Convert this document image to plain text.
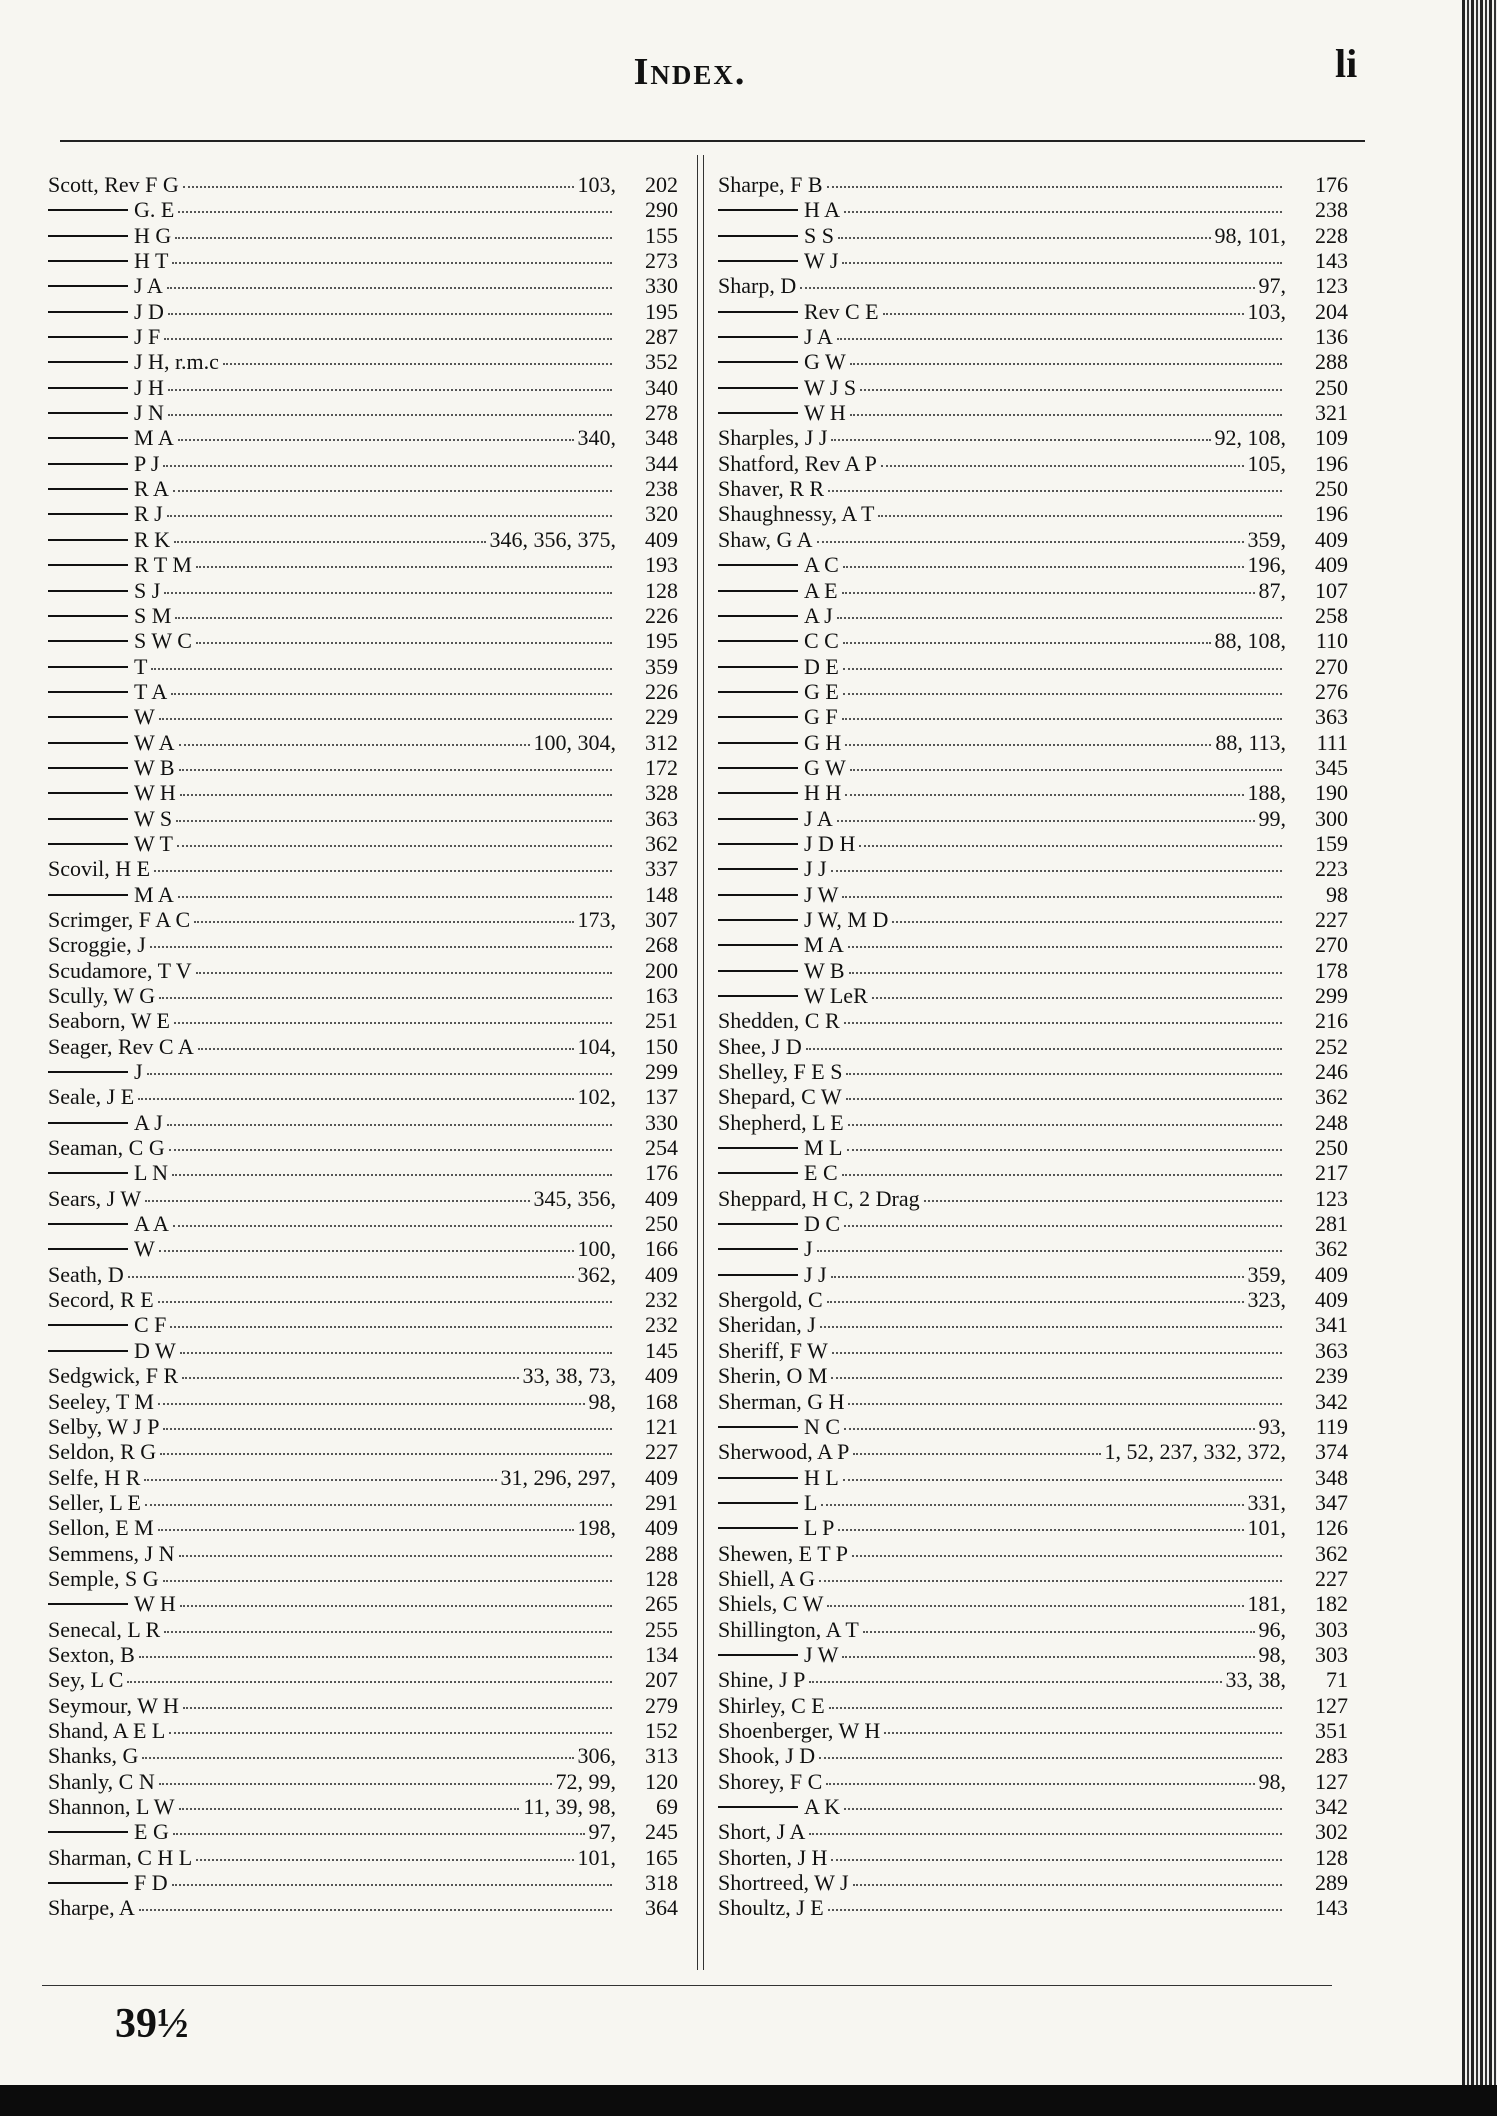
Index.	li
Scott, Rev F G	103,	202
G. E	290
H G	155
H T	273
J A	330
J D	195
J F	287
J H, r.m.c	352
J H	340
J N	278
M A	340,	348
P J	344
R A	238
R J	320
R K	346, 356, 375,	409
R T M	193
S J	128
S M	226
S W C	195
T	359
T A	226
W	229
W A	100, 304,	312
W B	172
W H	328
W S	363
W T	362
Scovil, H E	337
M A	148
Scrimger, F A C	173,	307
Scroggie, J	268
Scudamore, T V	200
Scully, W G	163
Seaborn, W E	251
Seager, Rev C A	104,	150
J	299
Seale, J E	102,	137
A J	330
Seaman, C G	254
L N	176
Sears, J W	345, 356,	409
A A	250
W	100,	166
Seath, D	362,	409
Secord, R E	232
C F	232
D W	145
Sedgwick, F R	33, 38, 73,	409
Seeley, T M	98,	168
Selby, W J P	121
Seldon, R G	227
Selfe, H R	31, 296, 297,	409
Seller, L E	291
Sellon, E M	198,	409
Semmens, J N	288
Semple, S G	128
W H	265
Senecal, L R	255
Sexton, B	134
Sey, L C	207
Seymour, W H	279
Shand, A E L	152
Shanks, G	306,	313
Shanly, C N	72, 99,	120
Shannon, L W	11, 39, 98,	69
E G	97,	245
Sharman, C H L	101,	165
F D	318
Sharpe, A	364
Sharpe, F B	176
H A	238
S S	98, 101,	228
W J	143
Sharp, D	97,	123
Rev C E	103,	204
J A	136
G W	288
W J S	250
W H	321
Sharples, J J	92, 108,	109
Shatford, Rev A P	105,	196
Shaver, R R	250
Shaughnessy, A T	196
Shaw, G A	359,	409
A C	196,	409
A E	87,	107
A J	258
C C	88, 108,	110
D E	270
G E	276
G F	363
G H	88, 113,	111
G W	345
H H	188,	190
J A	99,	300
J D H	159
J J	223
J W	98
J W, M D	227
M A	270
W B	178
W LeR	299
Shedden, C R	216
Shee, J D	252
Shelley, F E S	246
Shepard, C W	362
Shepherd, L E	248
M L	250
E C	217
Sheppard, H C, 2 Drag	123
D C	281
J	362
J J	359,	409
Shergold, C	323,	409
Sheridan, J	341
Sheriff, F W	363
Sherin, O M	239
Sherman, G H	342
N C	93,	119
Sherwood, A P	1, 52, 237, 332, 372,	374
H L	348
L	331,	347
L P	101,	126
Shewen, E T P	362
Shiell, A G	227
Shiels, C W	181,	182
Shillington, A T	96,	303
J W	98,	303
Shine, J P	33, 38,	71
Shirley, C E	127
Shoenberger, W H	351
Shook, J D	283
Shorey, F C	98,	127
A K	342
Short, J A	302
Shorten, J H	128
Shortreed, W J	289
Shoultz, J E	143
39½
